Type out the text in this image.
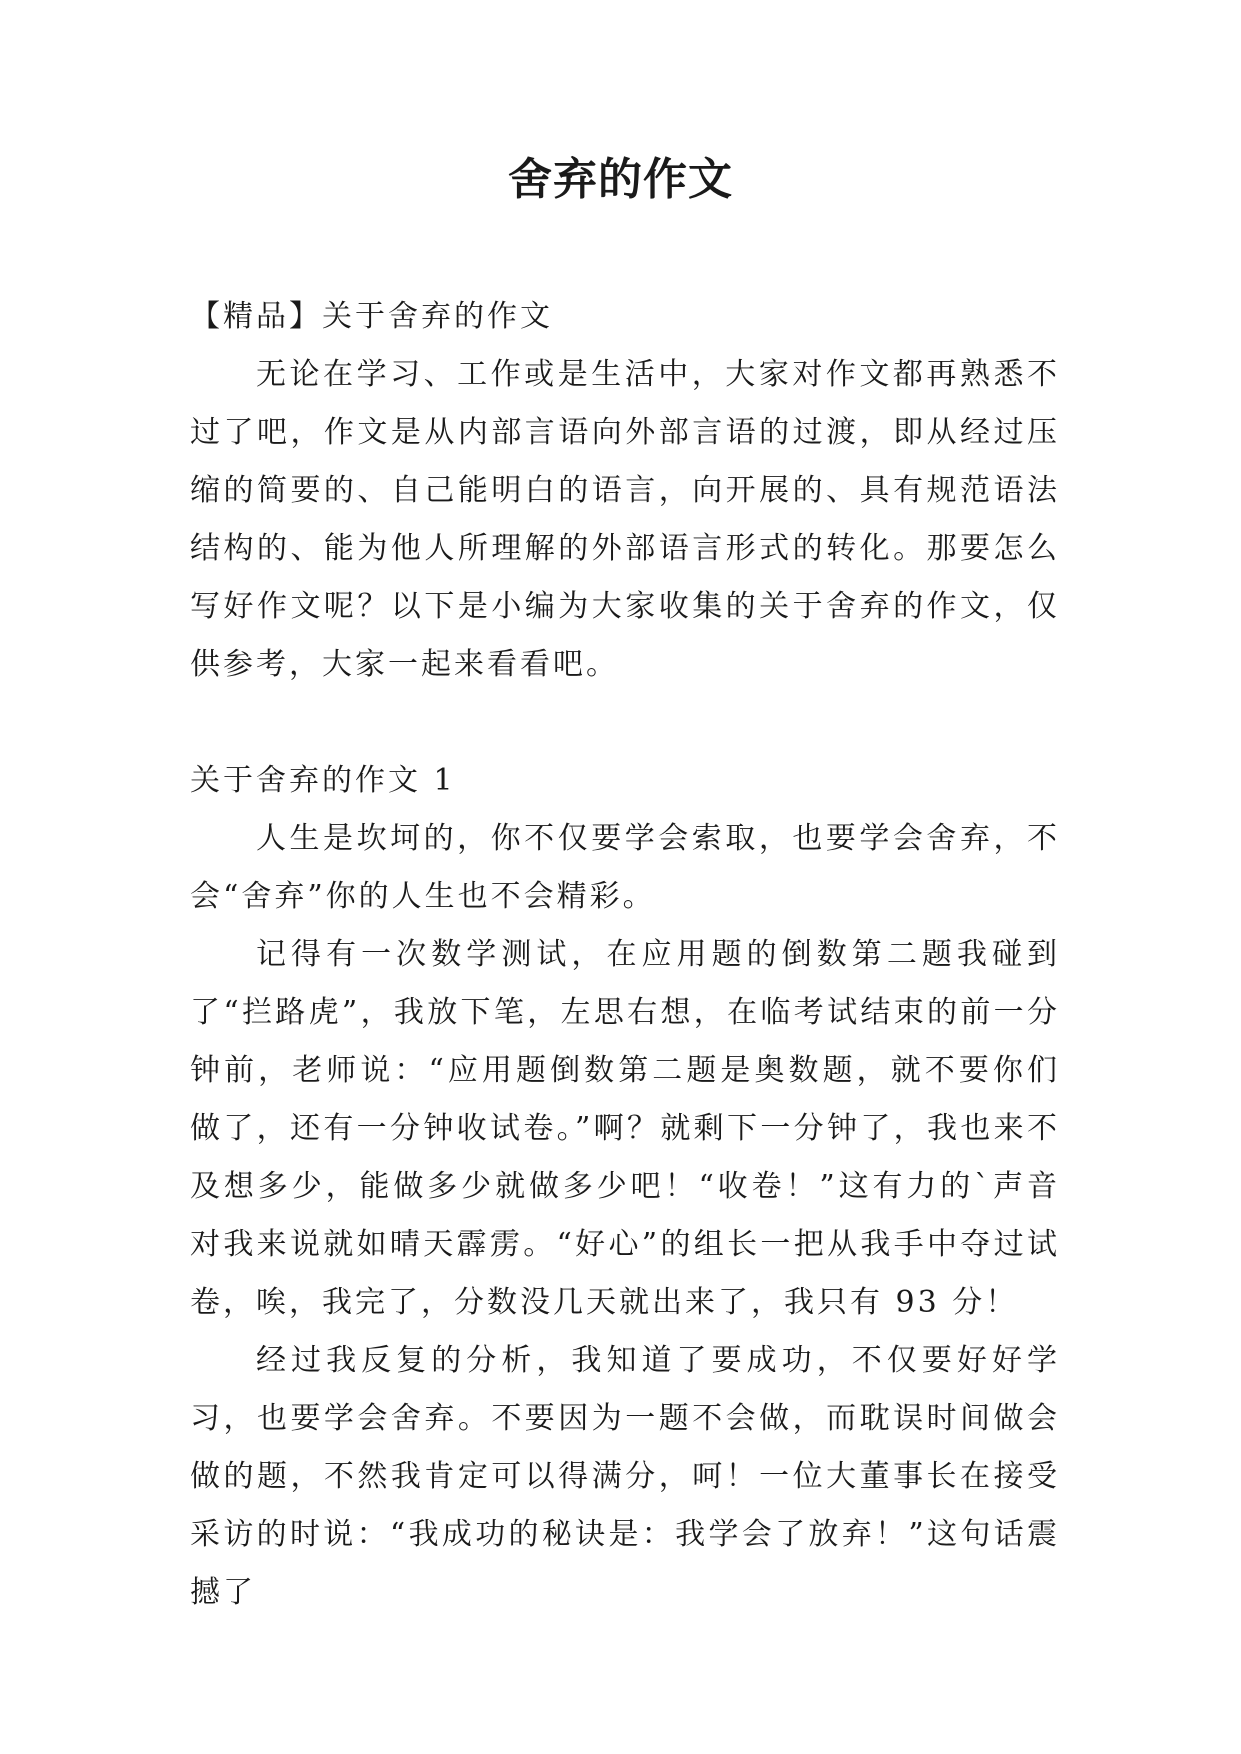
舍弃的作文

【精品】关于舍弃的作文

无论在学习、工作或是生活中，大家对作文都再熟悉不过了吧，作文是从内部言语向外部言语的过渡，即从经过压缩的简要的、自己能明白的语言，向开展的、具有规范语法结构的、能为他人所理解的外部语言形式的转化。那要怎么写好作文呢？以下是小编为大家收集的关于舍弃的作文，仅供参考，大家一起来看看吧。

关于舍弃的作文 1

人生是坎坷的，你不仅要学会索取，也要学会舍弃，不会“舍弃”你的人生也不会精彩。

记得有一次数学测试，在应用题的倒数第二题我碰到了“拦路虎”，我放下笔，左思右想，在临考试结束的前一分钟前，老师说：“应用题倒数第二题是奥数题，就不要你们做了，还有一分钟收试卷。”啊？就剩下一分钟了，我也来不及想多少，能做多少就做多少吧！“收卷！”这有力的`声音对我来说就如晴天霹雳。“好心”的组长一把从我手中夺过试卷，唉，我完了，分数没几天就出来了，我只有 93 分！

经过我反复的分析，我知道了要成功，不仅要好好学习，也要学会舍弃。不要因为一题不会做，而耽误时间做会做的题，不然我肯定可以得满分，呵！一位大董事长在接受采访的时说：“我成功的秘诀是：我学会了放弃！”这句话震撼了
